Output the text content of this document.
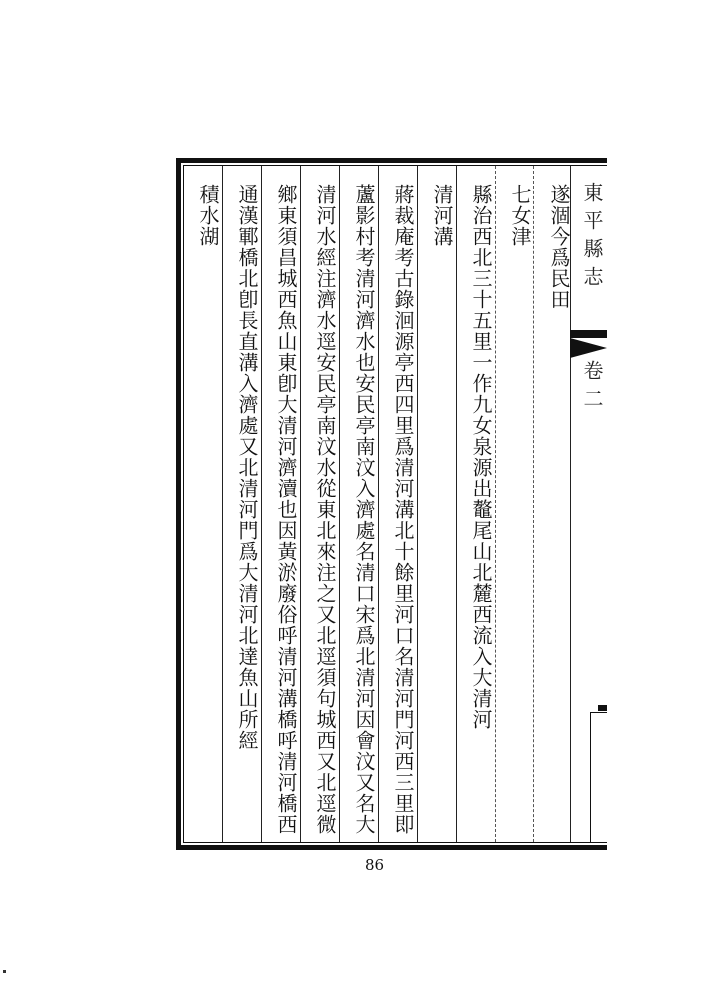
東平縣志
卷二
遂涸今爲民田
七女津
縣治西北三十五里一作九女泉源出鼇尾山北麓西流入大清河
清河溝
蔣裁庵考古錄洄源亭西四里爲清河溝北十餘里河口名清河門河西三里即
蘆影村考清河濟水也安民亭南汶入濟處名清口宋爲北清河因會汶又名大
清河水經注濟水逕安民亭南汶水從東北來注之又北逕須句城西又北逕微
鄉東須昌城西魚山東卽大清河濟瀆也因黃淤廢俗呼清河溝橋呼清河橋西
通漢鄆橋北卽長直溝入濟處又北清河門爲大清河北達魚山所經
積水湖
86
